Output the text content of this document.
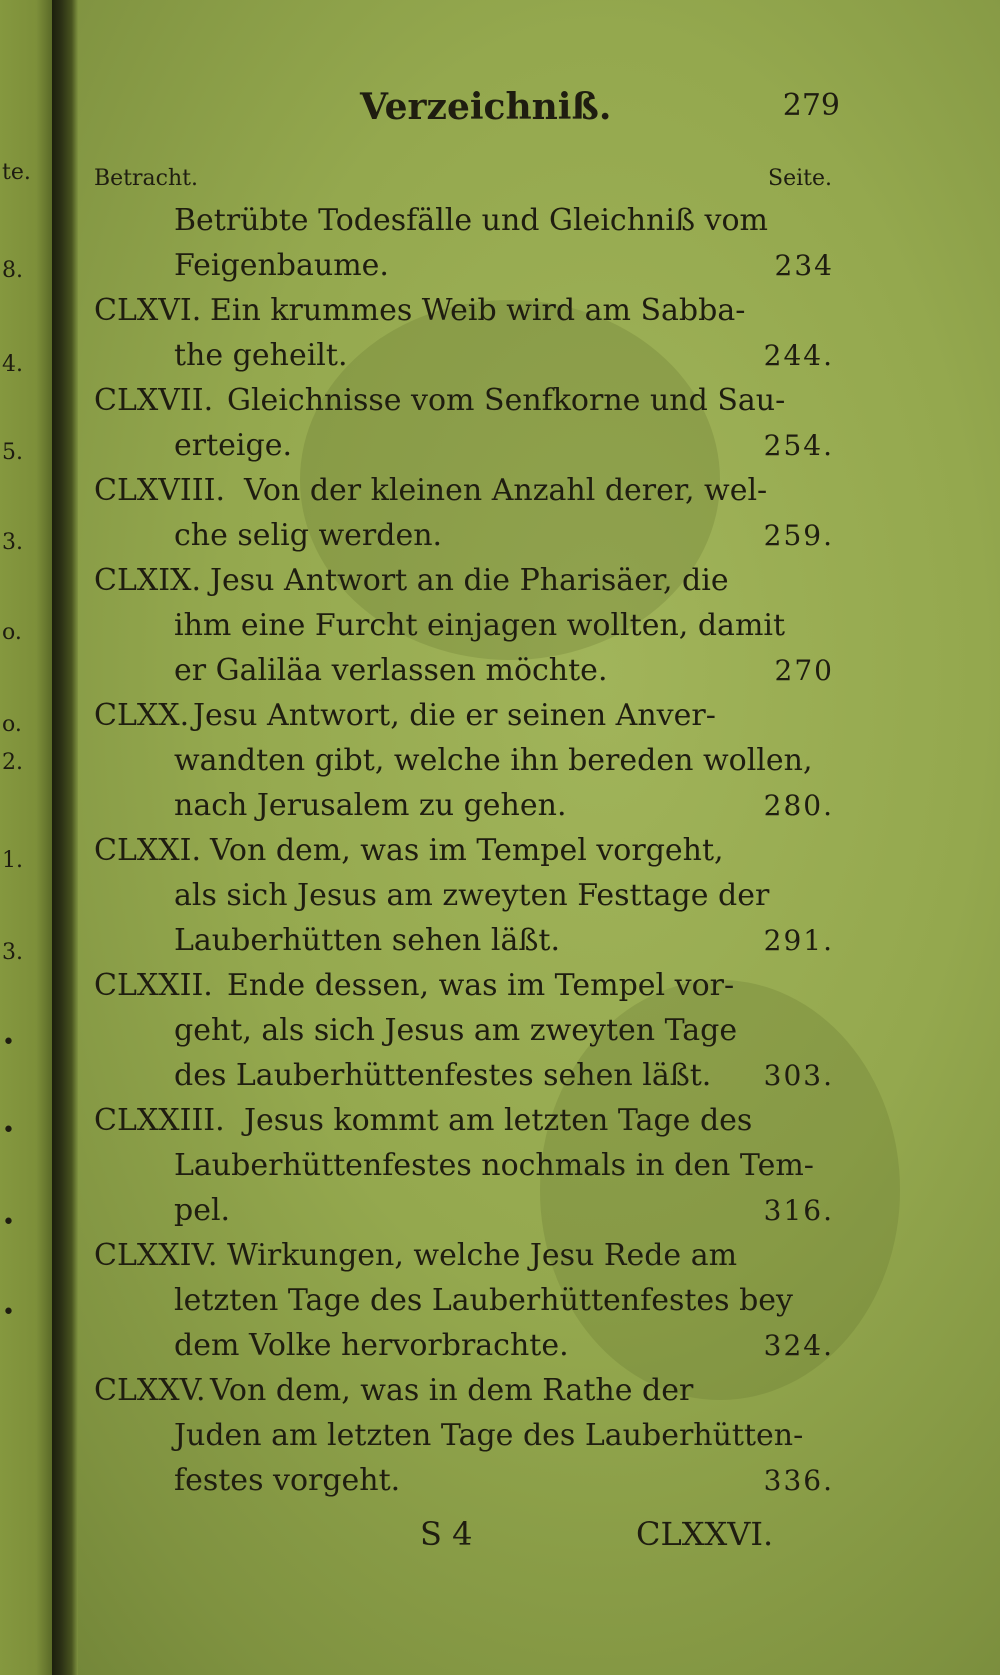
te.
8.
4.
5.
3.
o.
o.
2.
1.
3.
•
•
•
•
Verzeichniß.	279
Betracht.	Seite.
Betrübte Todesfälle und Gleichniß vom
Feigenbaume.	234
CLXVI. Ein krummes Weib wird am Sabba-
the geheilt.	244.
CLXVII. Gleichnisse vom Senfkorne und Sau-
erteige.	254.
CLXVIII. Von der kleinen Anzahl derer, wel-
che selig werden.	259.
CLXIX. Jesu Antwort an die Pharisäer, die
ihm eine Furcht einjagen wollten, damit
er Galiläa verlassen möchte.	270
CLXX. Jesu Antwort, die er seinen Anver-
wandten gibt, welche ihn bereden wollen,
nach Jerusalem zu gehen.	280.
CLXXI. Von dem, was im Tempel vorgeht,
als sich Jesus am zweyten Festtage der
Lauberhütten sehen läßt.	291.
CLXXII. Ende dessen, was im Tempel vor-
geht, als sich Jesus am zweyten Tage
des Lauberhüttenfestes sehen läßt. 303.
CLXXIII. Jesus kommt am letzten Tage des
Lauberhüttenfestes nochmals in den Tem-
pel.	316.
CLXXIV. Wirkungen, welche Jesu Rede am
letzten Tage des Lauberhüttenfestes bey
dem Volke hervorbrachte.	324.
CLXXV. Von dem, was in dem Rathe der
Juden am letzten Tage des Lauberhütten-
festes vorgeht.	336.
S 4	CLXXVI.
